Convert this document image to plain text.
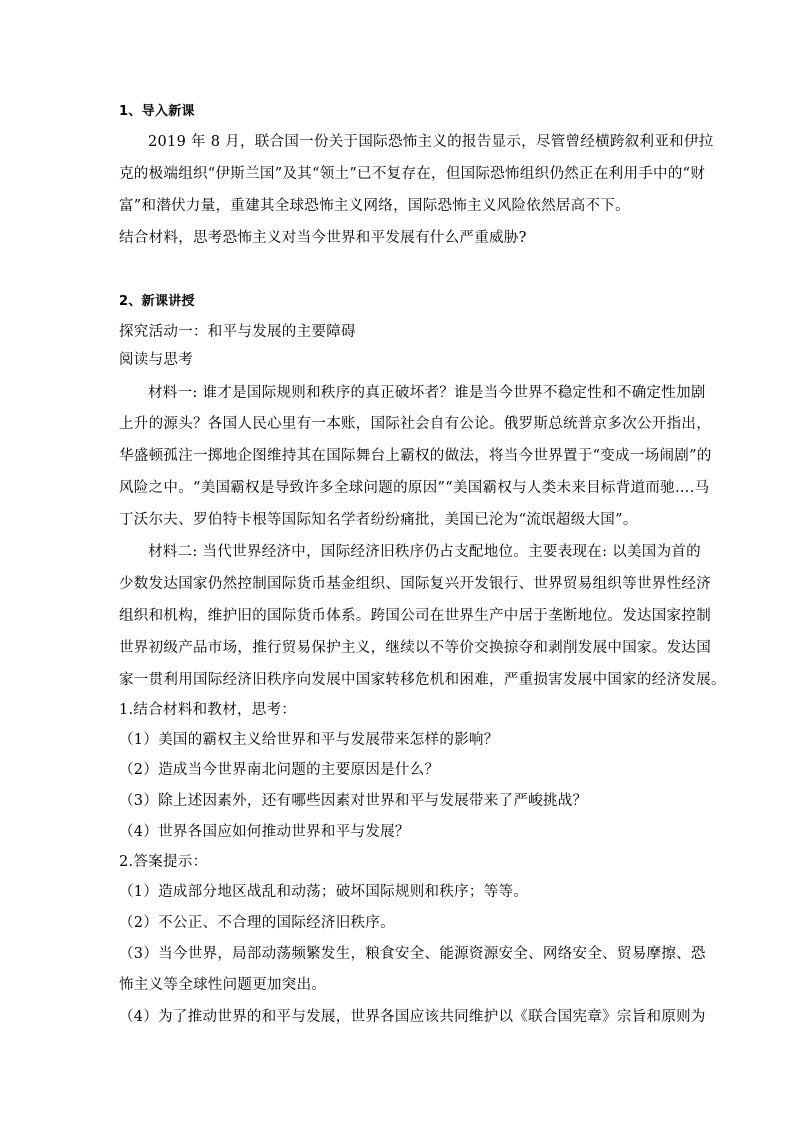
1、导入新课
2019 年 8 月，联合国一份关于国际恐怖主义的报告显示，尽管曾经横跨叙利亚和伊拉
克的极端组织“伊斯兰国”及其“领土”已不复存在，但国际恐怖组织仍然正在利用手中的“财
富”和潜伏力量，重建其全球恐怖主义网络，国际恐怖主义风险依然居高不下。
结合材料，思考恐怖主义对当今世界和平发展有什么严重威胁?
2、新课讲授
探究活动一：和平与发展的主要障碍
阅读与思考
材料一: 谁才是国际规则和秩序的真正破坏者？谁是当今世界不稳定性和不确定性加剧
上升的源头？各国人民心里有一本账，国际社会自有公论。俄罗斯总统普京多次公开指出，
华盛顿孤注一掷地企图维持其在国际舞台上霸权的做法，将当今世界置于“变成一场闹剧”的
风险之中。“美国霸权是导致许多全球问题的原因”“美国霸权与人类未来目标背道而驰….马
丁沃尔夫、罗伯特卡根等国际知名学者纷纷痛批，美国已沦为“流氓超级大国”。
材料二: 当代世界经济中，国际经济旧秩序仍占支配地位。主要表现在: 以美国为首的
少数发达国家仍然控制国际货币基金组织、国际复兴开发银行、世界贸易组织等世界性经济
组织和机构，维护旧的国际货币体系。跨国公司在世界生产中居于垄断地位。发达国家控制
世界初级产品市场，推行贸易保护主义，继续以不等价交换掠夺和剥削发展中国家。发达国
家一贯利用国际经济旧秩序向发展中国家转移危机和困难，严重损害发展中国家的经济发展。
1.结合材料和教材，思考：
（1）美国的霸权主义给世界和平与发展带来怎样的影响？
（2）造成当今世界南北问题的主要原因是什么？
（3）除上述因素外，还有哪些因素对世界和平与发展带来了严峻挑战？
（4）世界各国应如何推动世界和平与发展？
2.答案提示：
（1）造成部分地区战乱和动荡；破坏国际规则和秩序；等等。
（2）不公正、不合理的国际经济旧秩序。
（3）当今世界，局部动荡频繁发生，粮食安全、能源资源安全、网络安全、贸易摩擦、恐
怖主义等全球性问题更加突出。
（4）为了推动世界的和平与发展，世界各国应该共同维护以《联合国宪章》宗旨和原则为
